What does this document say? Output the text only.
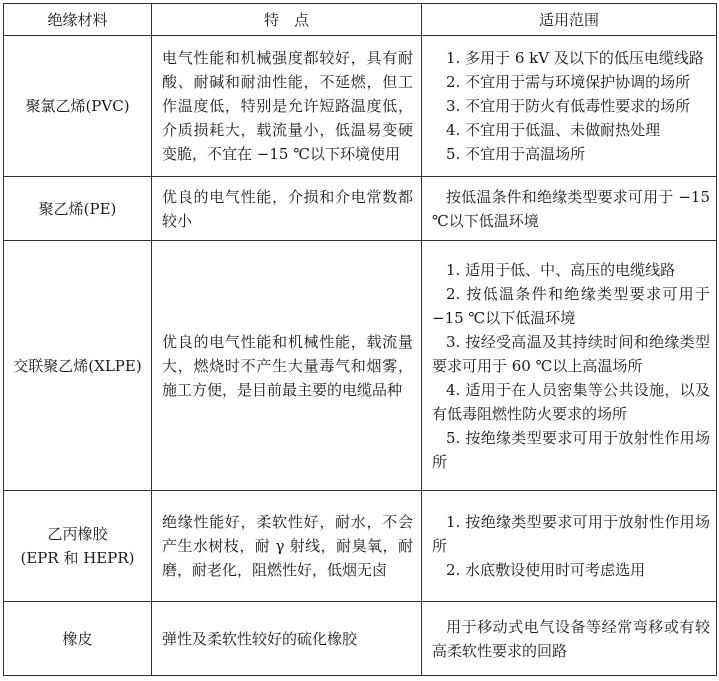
绝缘材料	特　点	适用范围

聚氯乙烯(PVC)	电气性能和机械强度都较好，具有耐酸、耐碱和耐油性能，不延燃，但工作温度低，特别是允许短路温度低，介质损耗大，载流量小，低温易变硬变脆，不宜在 −15 ℃以下环境使用	1. 多用于 6 kV 及以下的低压电缆线路
2. 不宜用于需与环境保护协调的场所
3. 不宜用于防火有低毒性要求的场所
4. 不宜用于低温、未做耐热处理
5. 不宜用于高温场所

聚乙烯(PE)	优良的电气性能，介损和介电常数都较小	按低温条件和绝缘类型要求可用于 −15 ℃以下低温环境

交联聚乙烯(XLPE)	优良的电气性能和机械性能，载流量大，燃烧时不产生大量毒气和烟雾，施工方便，是目前最主要的电缆品种	1. 适用于低、中、高压的电缆线路
2. 按低温条件和绝缘类型要求可用于 −15 ℃以下低温环境
3. 按经受高温及其持续时间和绝缘类型要求可用于 60 ℃以上高温场所
4. 适用于在人员密集等公共设施，以及有低毒阻燃性防火要求的场所
5. 按绝缘类型要求可用于放射性作用场所

乙丙橡胶
(EPR 和 HEPR)	绝缘性能好，柔软性好，耐水，不会产生水树枝，耐 γ 射线，耐臭氧，耐磨，耐老化，阻燃性好，低烟无卤	1. 按绝缘类型要求可用于放射性作用场所
2. 水底敷设使用时可考虑选用

橡皮	弹性及柔软性较好的硫化橡胶	用于移动式电气设备等经常弯移或有较高柔软性要求的回路
